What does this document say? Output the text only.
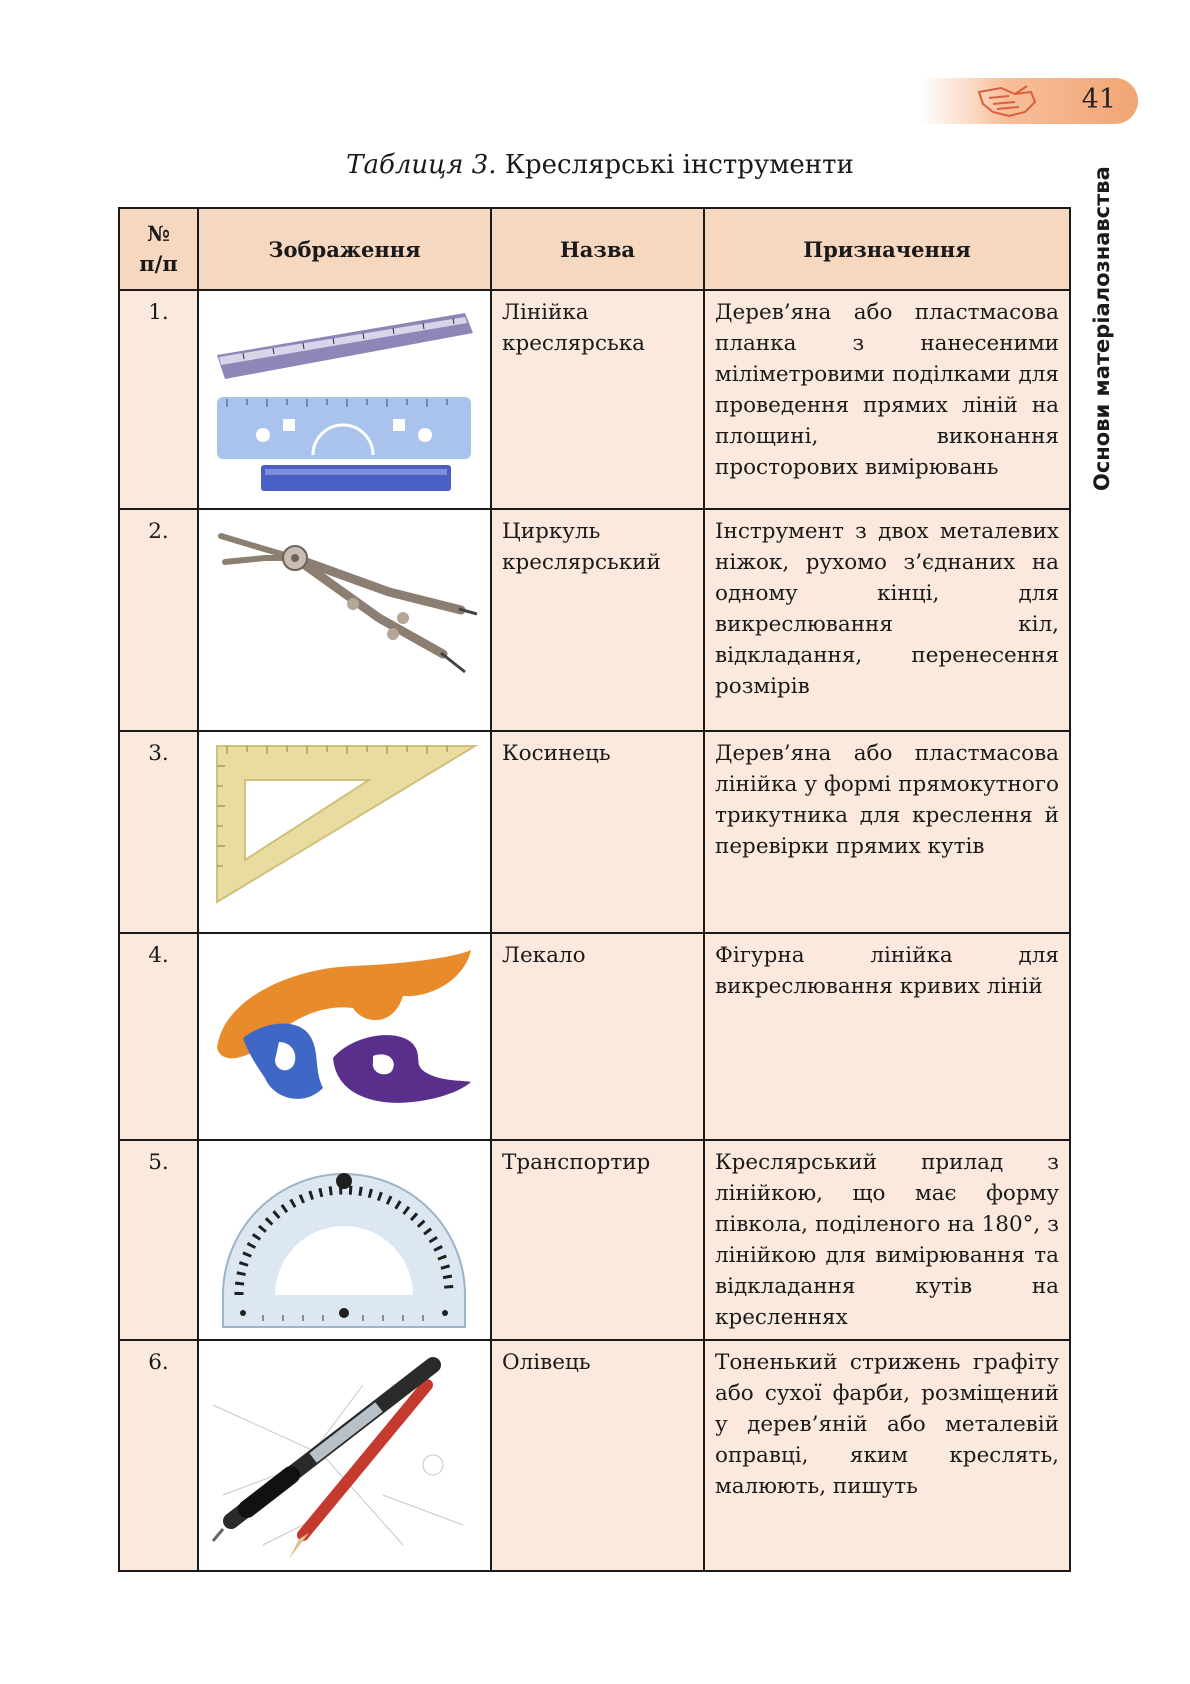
41
Основи матеріалознавства
Таблиця 3. Креслярські інструменти
№
п/п	Зображення	Назва	Призначення
1.		Лінійка креслярська	Дерев’яна або пластмасова планка з нанесеними міліметровими поділками для проведення прямих ліній на площині, виконання просторових вимірювань
2.		Циркуль креслярський	Інструмент з двох металевих ніжок, рухомо з’єднаних на одному кінці, для викреслювання кіл, відкладання, перенесення розмірів
3.		Косинець	Дерев’яна або пластмасова лінійка у формі прямокутного трикутника для креслення й перевірки прямих кутів
4.		Лекало	Фігурна лінійка для викреслювання кривих ліній
5.		Транспортир	Креслярський прилад з лінійкою, що має форму півкола, поділеного на 180°, з лінійкою для вимірювання та відкладання кутів на кресленнях
6.		Олівець	Тоненький стрижень графіту або сухої фарби, розміщений у дерев’яній або металевій оправці, яким креслять, малюють, пишуть
